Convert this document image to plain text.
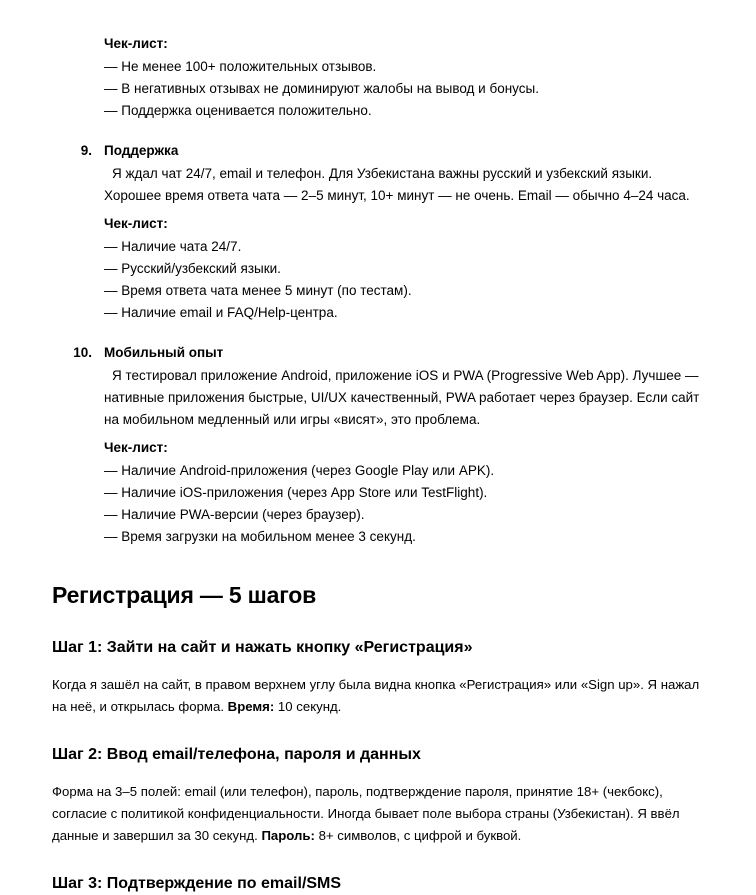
Чек-лист:
— Не менее 100+ положительных отзывов.
— В негативных отзывах не доминируют жалобы на вывод и бонусы.
— Поддержка оценивается положительно.
9. Поддержка
Я ждал чат 24/7, email и телефон. Для Узбекистана важны русский и узбекский языки. Хорошее время ответа чата — 2–5 минут, 10+ минут — не очень. Email — обычно 4–24 часа.
Чек-лист:
— Наличие чата 24/7.
— Русский/узбекский языки.
— Время ответа чата менее 5 минут (по тестам).
— Наличие email и FAQ/Help-центра.
10. Мобильный опыт
Я тестировал приложение Android, приложение iOS и PWA (Progressive Web App). Лучшее — нативные приложения быстрые, UI/UX качественный, PWA работает через браузер. Если сайт на мобильном медленный или игры «висят», это проблема.
Чек-лист:
— Наличие Android-приложения (через Google Play или APK).
— Наличие iOS-приложения (через App Store или TestFlight).
— Наличие PWA-версии (через браузер).
— Время загрузки на мобильном менее 3 секунд.
Регистрация — 5 шагов
Шаг 1: Зайти на сайт и нажать кнопку «Регистрация»

Когда я зашёл на сайт, в правом верхнем углу была видна кнопка «Регистрация» или «Sign up». Я нажал на неё, и открылась форма. Время: 10 секунд.

Шаг 2: Ввод email/телефона, пароля и данных

Форма на 3–5 полей: email (или телефон), пароль, подтверждение пароля, принятие 18+ (чекбокс), согласие с политикой конфиденциальности. Иногда бывает поле выбора страны (Узбекистан). Я ввёл данные и завершил за 30 секунд. Пароль: 8+ символов, с цифрой и буквой.

Шаг 3: Подтверждение по email/SMS
